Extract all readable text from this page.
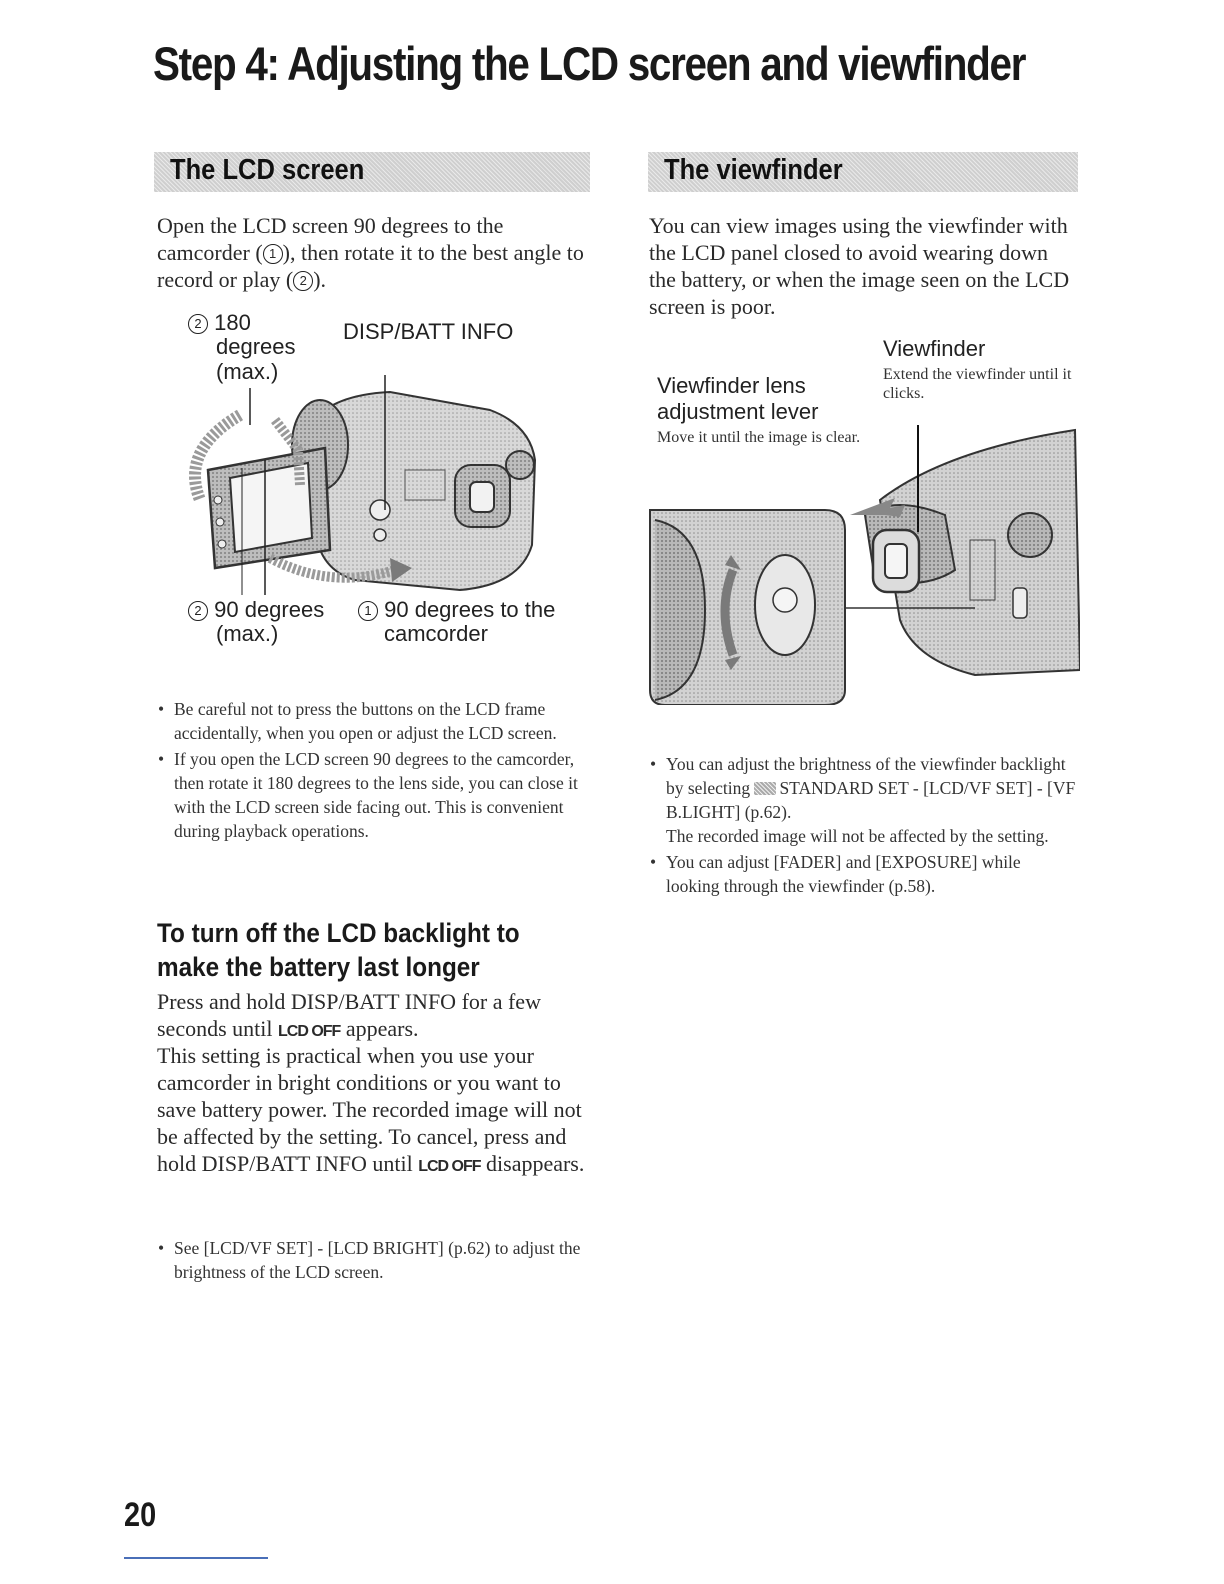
Step 4: Adjusting the LCD screen and viewfinder
The LCD screen
Open the LCD screen 90 degrees to the camcorder ( 1 ), then rotate it to the best angle to record or play ( 2 ).
2 180
degrees
(max.)
DISP/BATT INFO
2 90 degrees
(max.)
1 90 degrees to the
camcorder
• Be careful not to press the buttons on the LCD frame accidentally, when you open or adjust the LCD screen.
• If you open the LCD screen 90 degrees to the camcorder, then rotate it 180 degrees to the lens side, you can close it with the LCD screen side facing out. This is convenient during playback operations.
To turn off the LCD backlight to make the battery last longer
Press and hold DISP/BATT INFO for a few seconds until LCD OFF appears.
This setting is practical when you use your camcorder in bright conditions or you want to save battery power. The recorded image will not be affected by the setting. To cancel, press and hold DISP/BATT INFO until LCD OFF disappears.
• See [LCD/VF SET] - [LCD BRIGHT] (p.62) to adjust the brightness of the LCD screen.
The viewfinder
You can view images using the viewfinder with the LCD panel closed to avoid wearing down the battery, or when the image seen on the LCD screen is poor.
Viewfinder
Extend the viewfinder until it clicks.
Viewfinder lens
adjustment lever
Move it until the image is clear.
• You can adjust the brightness of the viewfinder backlight by selecting STANDARD SET - [LCD/VF SET] - [VF B.LIGHT] (p.62).
The recorded image will not be affected by the setting.
• You can adjust [FADER] and [EXPOSURE] while looking through the viewfinder (p.58).
20
